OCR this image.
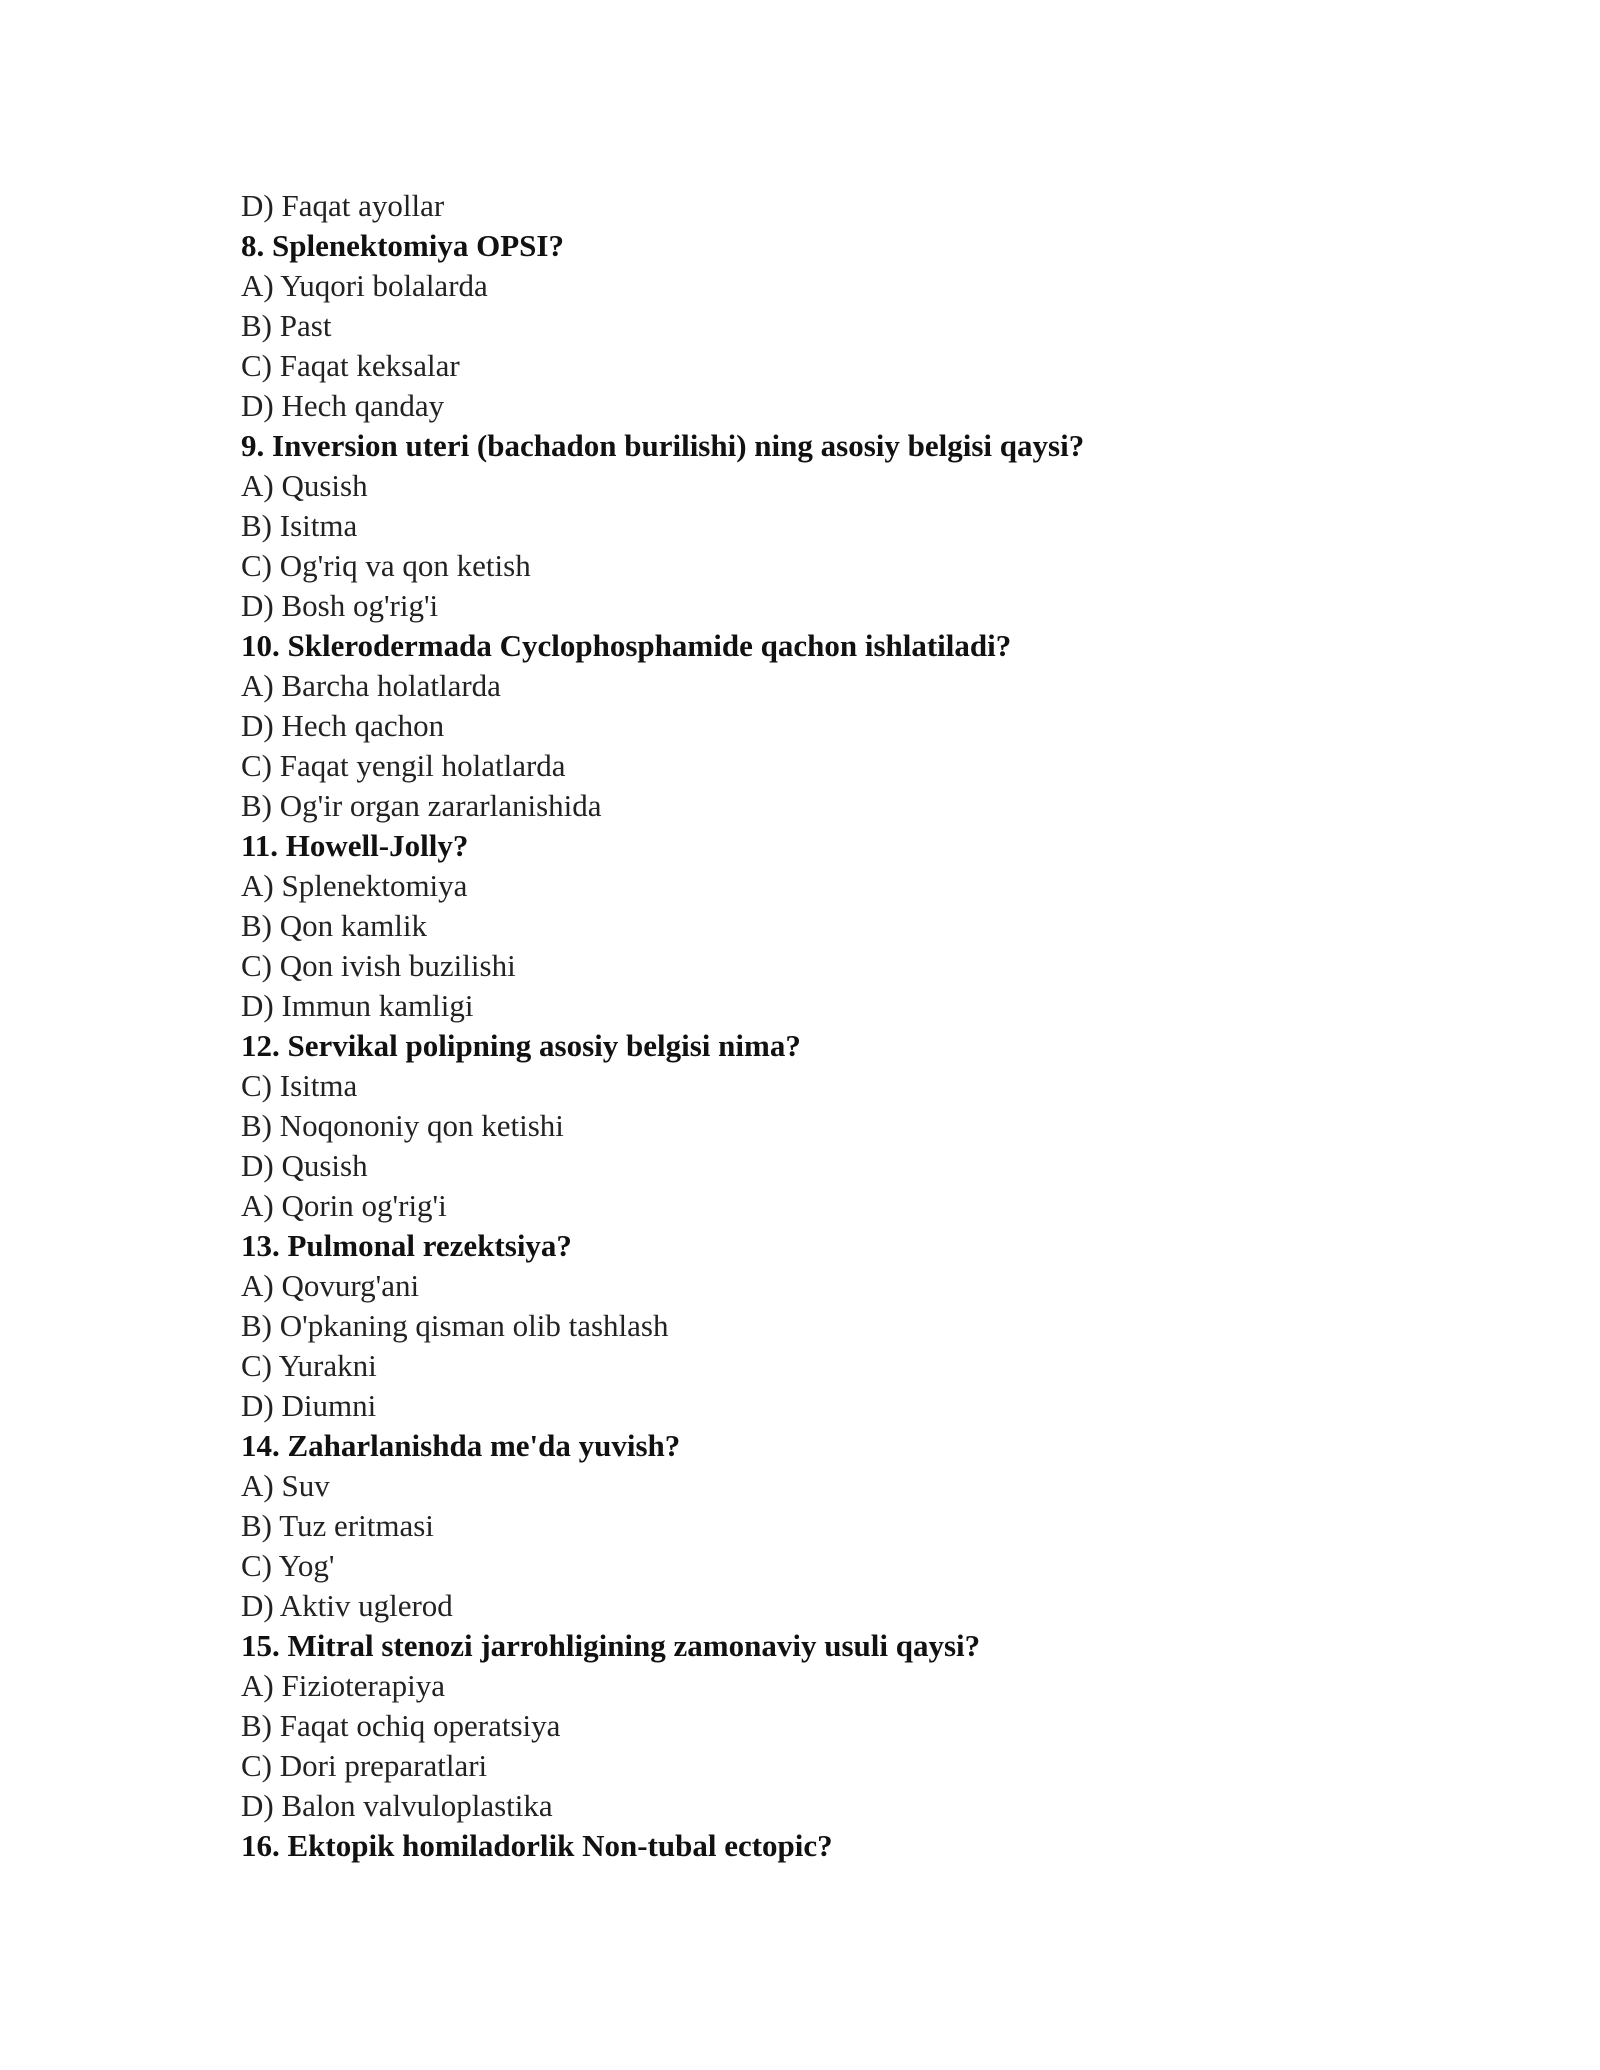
D) Faqat ayollar
8. Splenektomiya OPSI?
A) Yuqori bolalarda
B) Past
C) Faqat keksalar
D) Hech qanday
9. Inversion uteri (bachadon burilishi) ning asosiy belgisi qaysi?
A) Qusish
B) Isitma
C) Og'riq va qon ketish
D) Bosh og'rig'i
10. Sklerodermada Cyclophosphamide qachon ishlatiladi?
A) Barcha holatlarda
D) Hech qachon
C) Faqat yengil holatlarda
B) Og'ir organ zararlanishida
11. Howell-Jolly?
A) Splenektomiya
B) Qon kamlik
C) Qon ivish buzilishi
D) Immun kamligi
12. Servikal polipning asosiy belgisi nima?
C) Isitma
B) Noqononiy qon ketishi
D) Qusish
A) Qorin og'rig'i
13. Pulmonal rezektsiya?
A) Qovurg'ani
B) O'pkaning qisman olib tashlash
C) Yurakni
D) Diumni
14. Zaharlanishda me'da yuvish?
A) Suv
B) Tuz eritmasi
C) Yog'
D) Aktiv uglerod
15. Mitral stenozi jarrohligining zamonaviy usuli qaysi?
A) Fizioterapiya
B) Faqat ochiq operatsiya
C) Dori preparatlari
D) Balon valvuloplastika
16. Ektopik homiladorlik Non-tubal ectopic?
